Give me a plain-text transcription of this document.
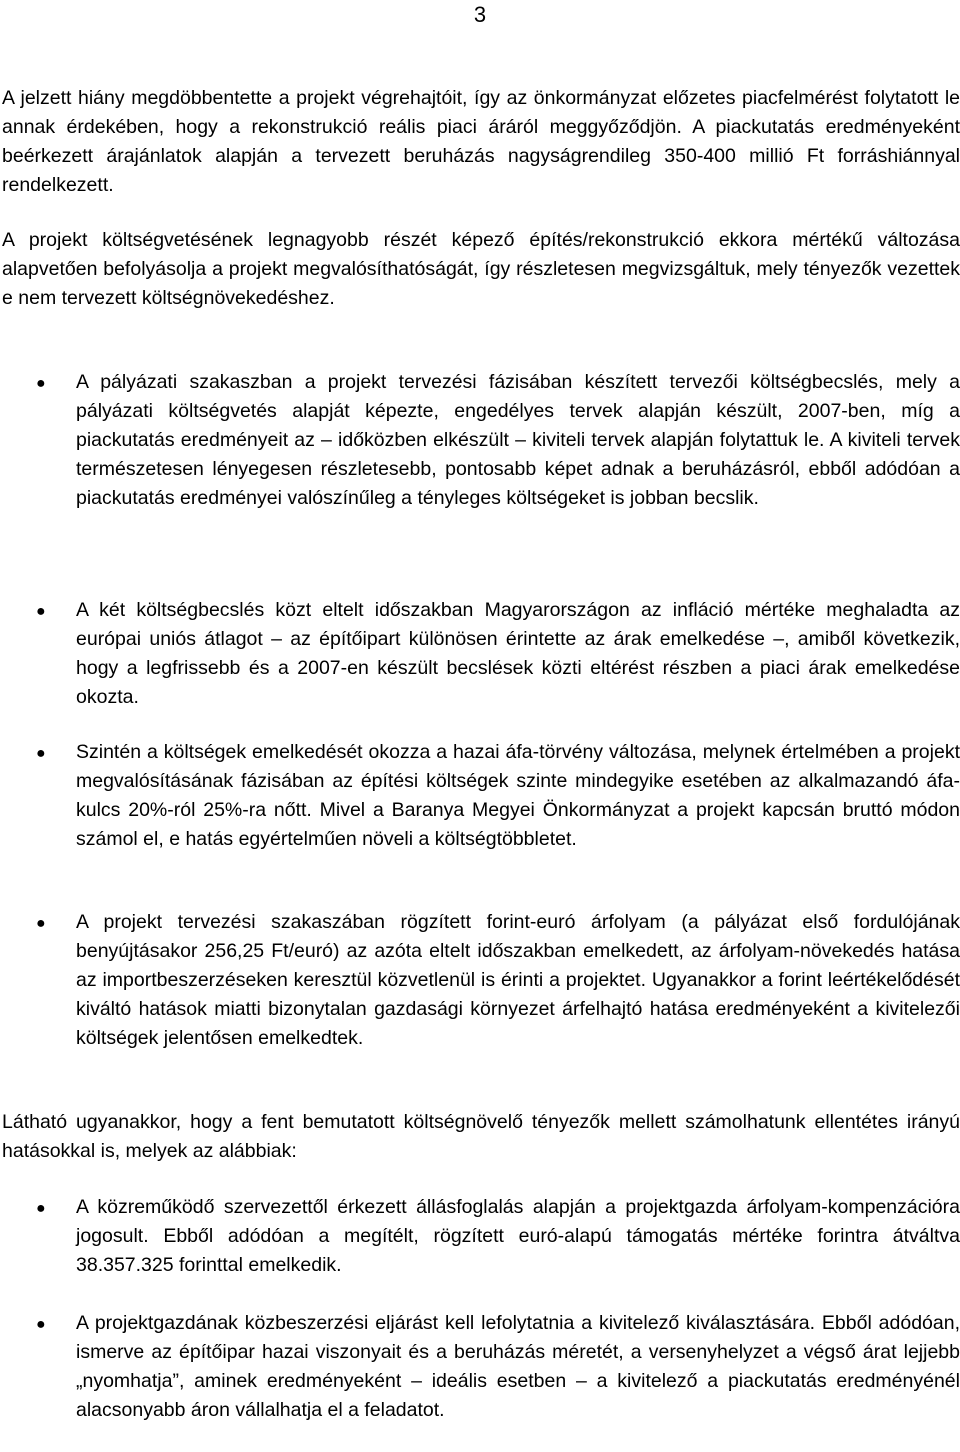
3

A jelzett hiány megdöbbentette a projekt végrehajtóit, így az önkormányzat előzetes piacfelmérést folytatott le annak érdekében, hogy a rekonstrukció reális piaci áráról meggyőződjön. A piackutatás eredményeként beérkezett árajánlatok alapján a tervezett beruházás nagyságrendileg 350-400 millió Ft forráshiánnyal rendelkezett.

A projekt költségvetésének legnagyobb részét képező építés/rekonstrukció ekkora mértékű változása alapvetően befolyásolja a projekt megvalósíthatóságát, így részletesen megvizsgáltuk, mely tényezők vezettek e nem tervezett költségnövekedéshez.

● A pályázati szakaszban a projekt tervezési fázisában készített tervezői költségbecslés, mely a pályázati költségvetés alapját képezte, engedélyes tervek alapján készült, 2007-ben, míg a piackutatás eredményeit az – időközben elkészült – kiviteli tervek alapján folytattuk le. A kiviteli tervek természetesen lényegesen részletesebb, pontosabb képet adnak a beruházásról, ebből adódóan a piackutatás eredményei valószínűleg a tényleges költségeket is jobban becslik.

● A két költségbecslés közt eltelt időszakban Magyarországon az infláció mértéke meghaladta az európai uniós átlagot – az építőipart különösen érintette az árak emelkedése –, amiből következik, hogy a legfrissebb és a 2007-en készült becslések közti eltérést részben a piaci árak emelkedése okozta.

● Szintén a költségek emelkedését okozza a hazai áfa-törvény változása, melynek értelmében a projekt megvalósításának fázisában az építési költségek szinte mindegyike esetében az alkalmazandó áfa-kulcs 20%-ról 25%-ra nőtt. Mivel a Baranya Megyei Önkormányzat a projekt kapcsán bruttó módon számol el, e hatás egyértelműen növeli a költségtöbbletet.

● A projekt tervezési szakaszában rögzített forint-euró árfolyam (a pályázat első fordulójának benyújtásakor 256,25 Ft/euró) az azóta eltelt időszakban emelkedett, az árfolyam-növekedés hatása az importbeszerzéseken keresztül közvetlenül is érinti a projektet. Ugyanakkor a forint leértékelődését kiváltó hatások miatti bizonytalan gazdasági környezet árfelhajtó hatása eredményeként a kivitelezői költségek jelentősen emelkedtek.

Látható ugyanakkor, hogy a fent bemutatott költségnövelő tényezők mellett számolhatunk ellentétes irányú hatásokkal is, melyek az alábbiak:

● A közreműködő szervezettől érkezett állásfoglalás alapján a projektgazda árfolyam-kompenzációra jogosult. Ebből adódóan a megítélt, rögzített euró-alapú támogatás mértéke forintra átváltva 38.357.325 forinttal emelkedik.

● A projektgazdának közbeszerzési eljárást kell lefolytatnia a kivitelező kiválasztására. Ebből adódóan, ismerve az építőipar hazai viszonyait és a beruházás méretét, a versenyhelyzet a végső árat lejjebb „nyomhatja”, aminek eredményeként – ideális esetben – a kivitelező a piackutatás eredményénél alacsonyabb áron vállalhatja el a feladatot.
